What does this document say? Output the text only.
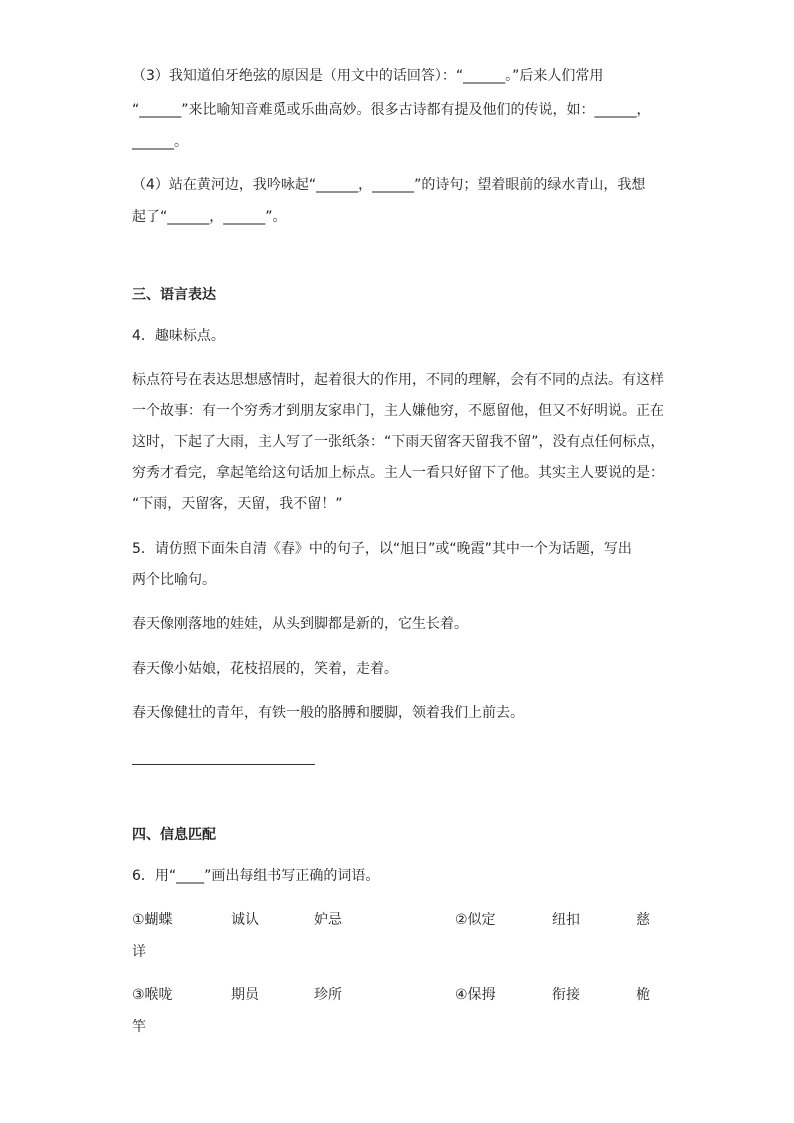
（3）我知道伯牙绝弦的原因是（用文中的话回答）：“______。”后来人们常用
“______”来比喻知音难觅或乐曲高妙。很多古诗都有提及他们的传说，如：______，
______。
（4）站在黄河边，我吟咏起“______，______”的诗句；望着眼前的绿水青山，我想
起了“______，______”。
三、语言表达
4．趣味标点。
标点符号在表达思想感情时，起着很大的作用，不同的理解，会有不同的点法。有这样
一个故事：有一个穷秀才到朋友家串门，主人嫌他穷，不愿留他，但又不好明说。正在
这时，下起了大雨，主人写了一张纸条：“下雨天留客天留我不留”，没有点任何标点，
穷秀才看完，拿起笔给这句话加上标点。主人一看只好留下了他。其实主人要说的是：
“下雨，天留客，天留，我不留！”
5．请仿照下面朱自清《春》中的句子，以“旭日”或“晚霞”其中一个为话题，写出
两个比喻句。
春天像刚落地的娃娃，从头到脚都是新的，它生长着。
春天像小姑娘，花枝招展的，笑着，走着。
春天像健壮的青年，有铁一般的胳膊和腰脚，领着我们上前去。
四、信息匹配
6．用“____”画出每组书写正确的词语。
①蝴蝶	诚认	妒忌	②似定	纽扣	慈
详
③喉咙	期员	珍所	④保拇	衔接	桅
竿
